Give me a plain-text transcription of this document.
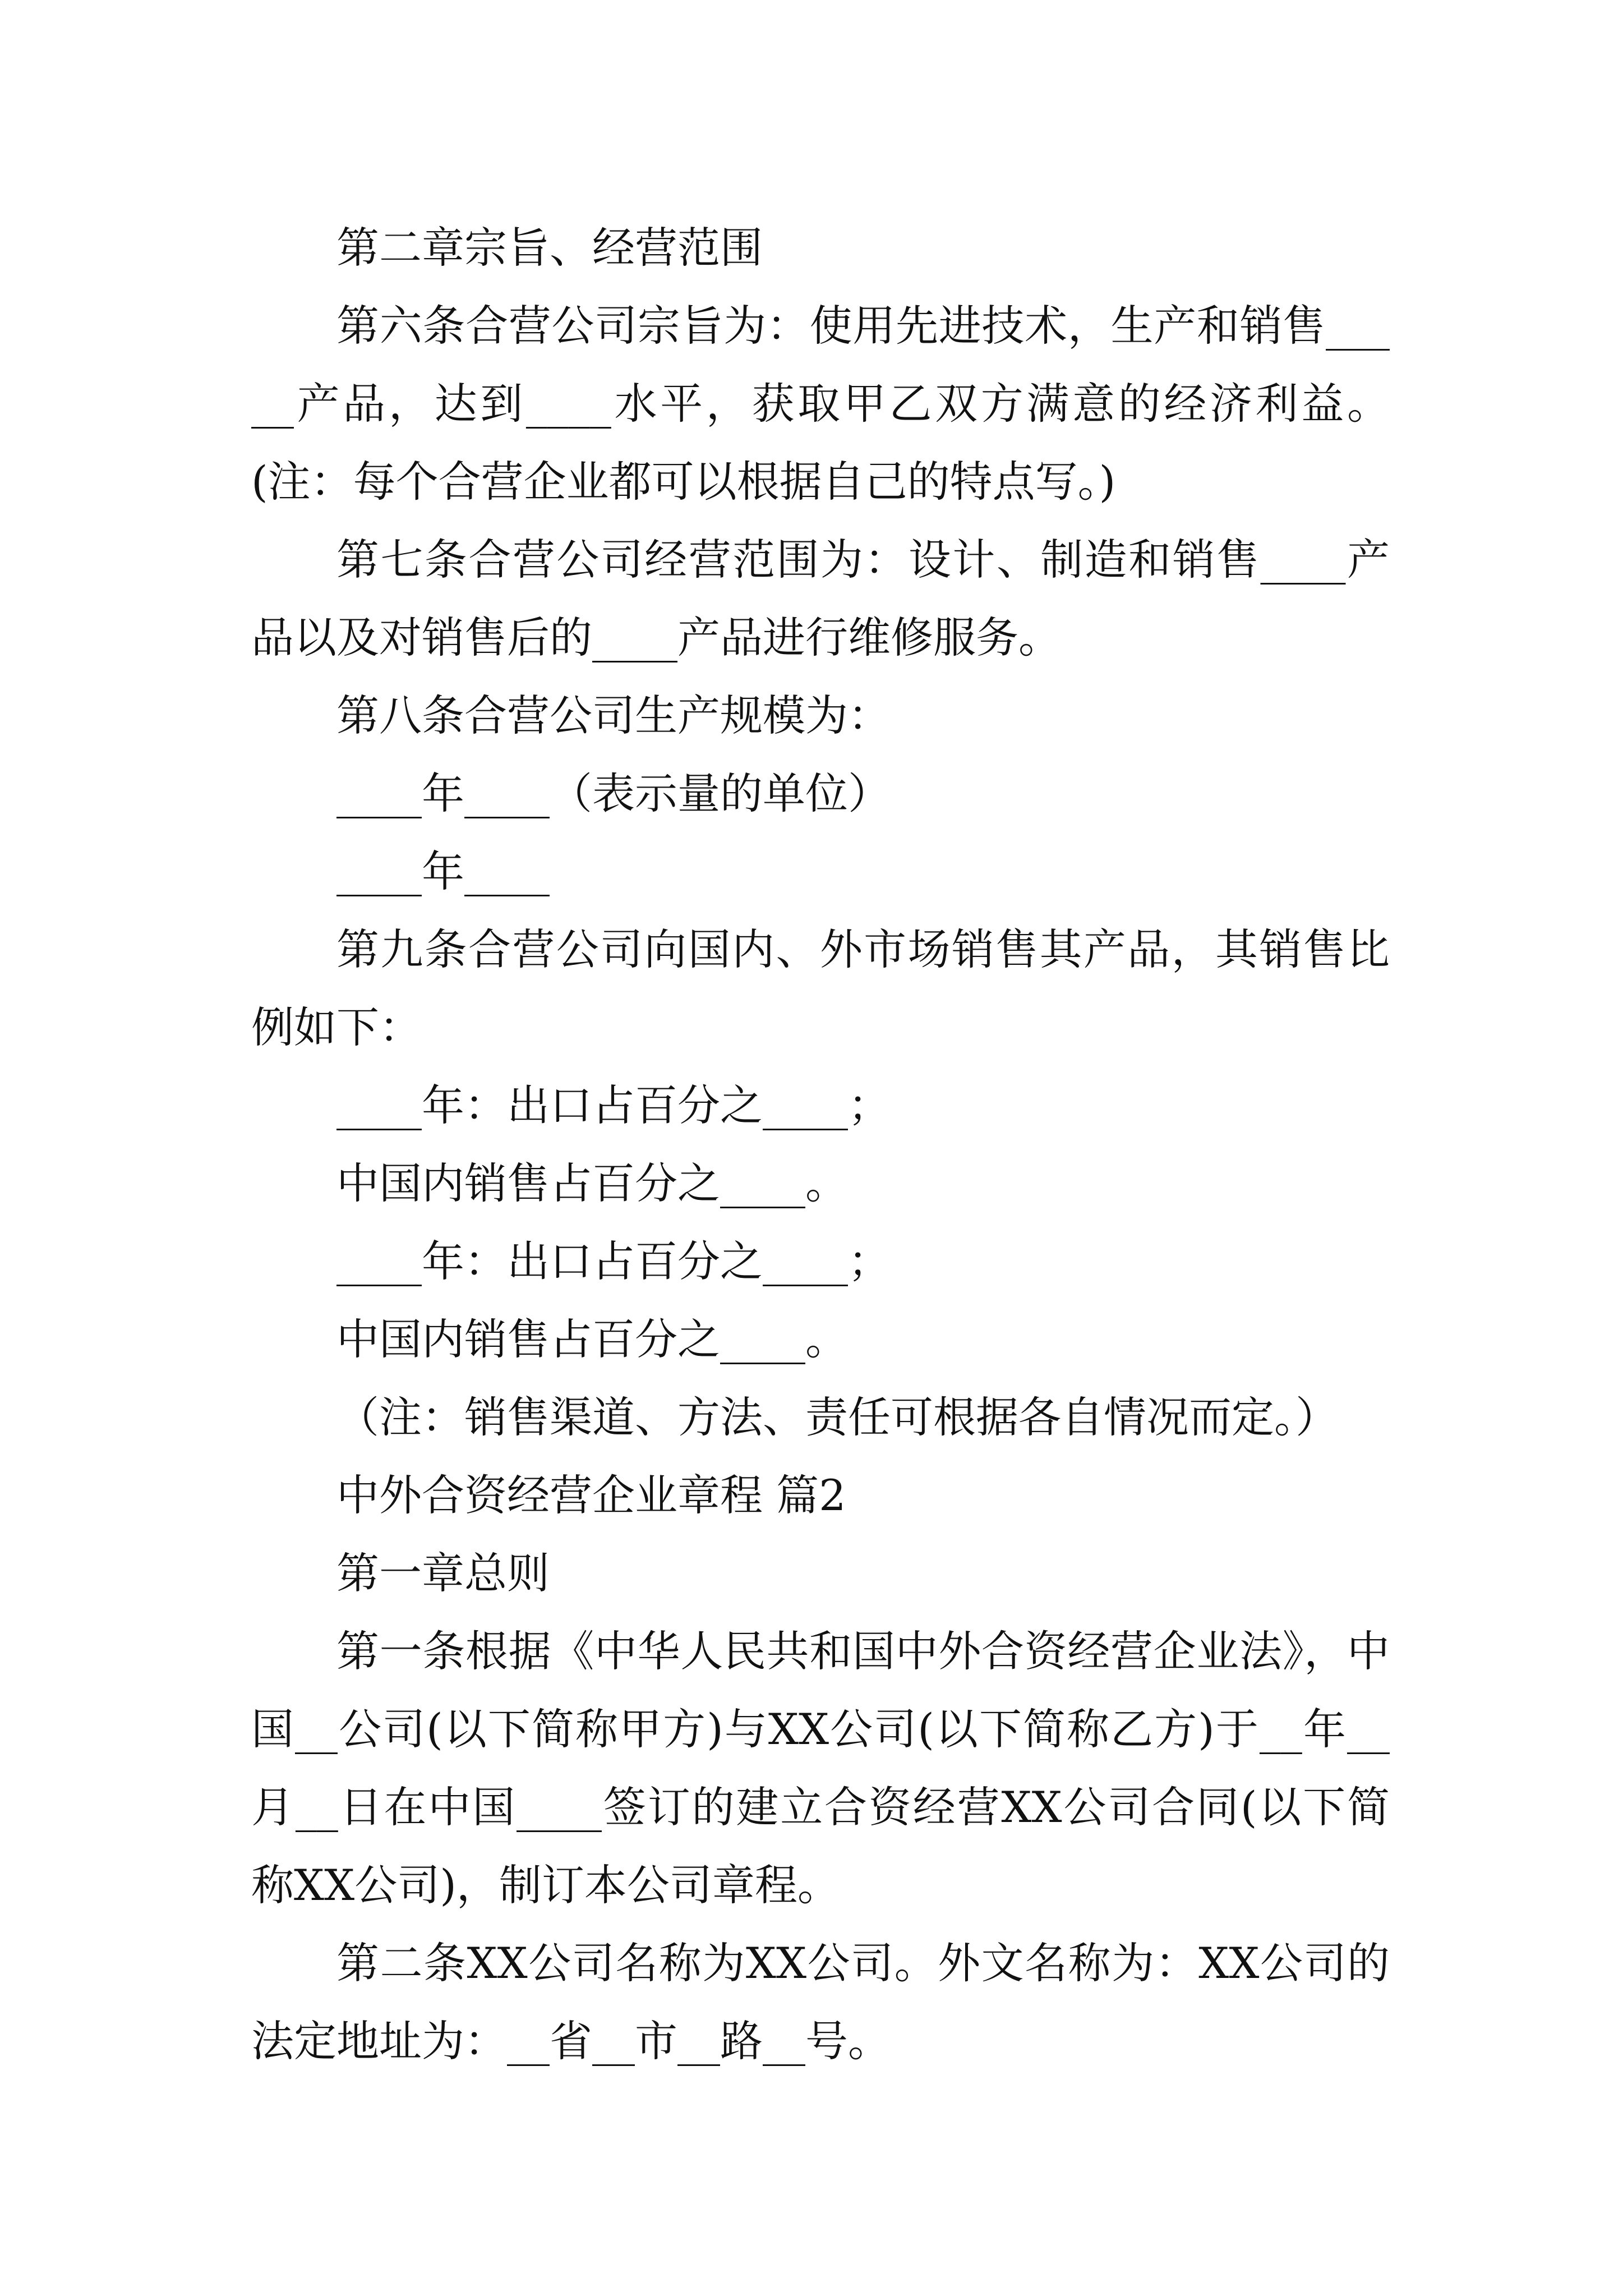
第二章宗旨、经营范围

第六条合营公司宗旨为：使用先进技术，生产和销售_____产品，达到____水平，获取甲乙双方满意的经济利益。(注：每个合营企业都可以根据自己的特点写。)

第七条合营公司经营范围为：设计、制造和销售____产品以及对销售后的____产品进行维修服务。

第八条合营公司生产规模为：

____年____（表示量的单位）

____年____

第九条合营公司向国内、外市场销售其产品，其销售比例如下：

____年：出口占百分之____；

中国内销售占百分之____。

____年：出口占百分之____；

中国内销售占百分之____。

（注：销售渠道、方法、责任可根据各自情况而定。）

中外合资经营企业章程 篇2

第一章总则

第一条根据《中华人民共和国中外合资经营企业法》，中国__公司(以下简称甲方)与XX公司(以下简称乙方)于__年__月__日在中国____签订的建立合资经营XX公司合同(以下简称XX公司)，制订本公司章程。

第二条XX公司名称为XX公司。外文名称为：XX公司的法定地址为：__省__市__路__号。
